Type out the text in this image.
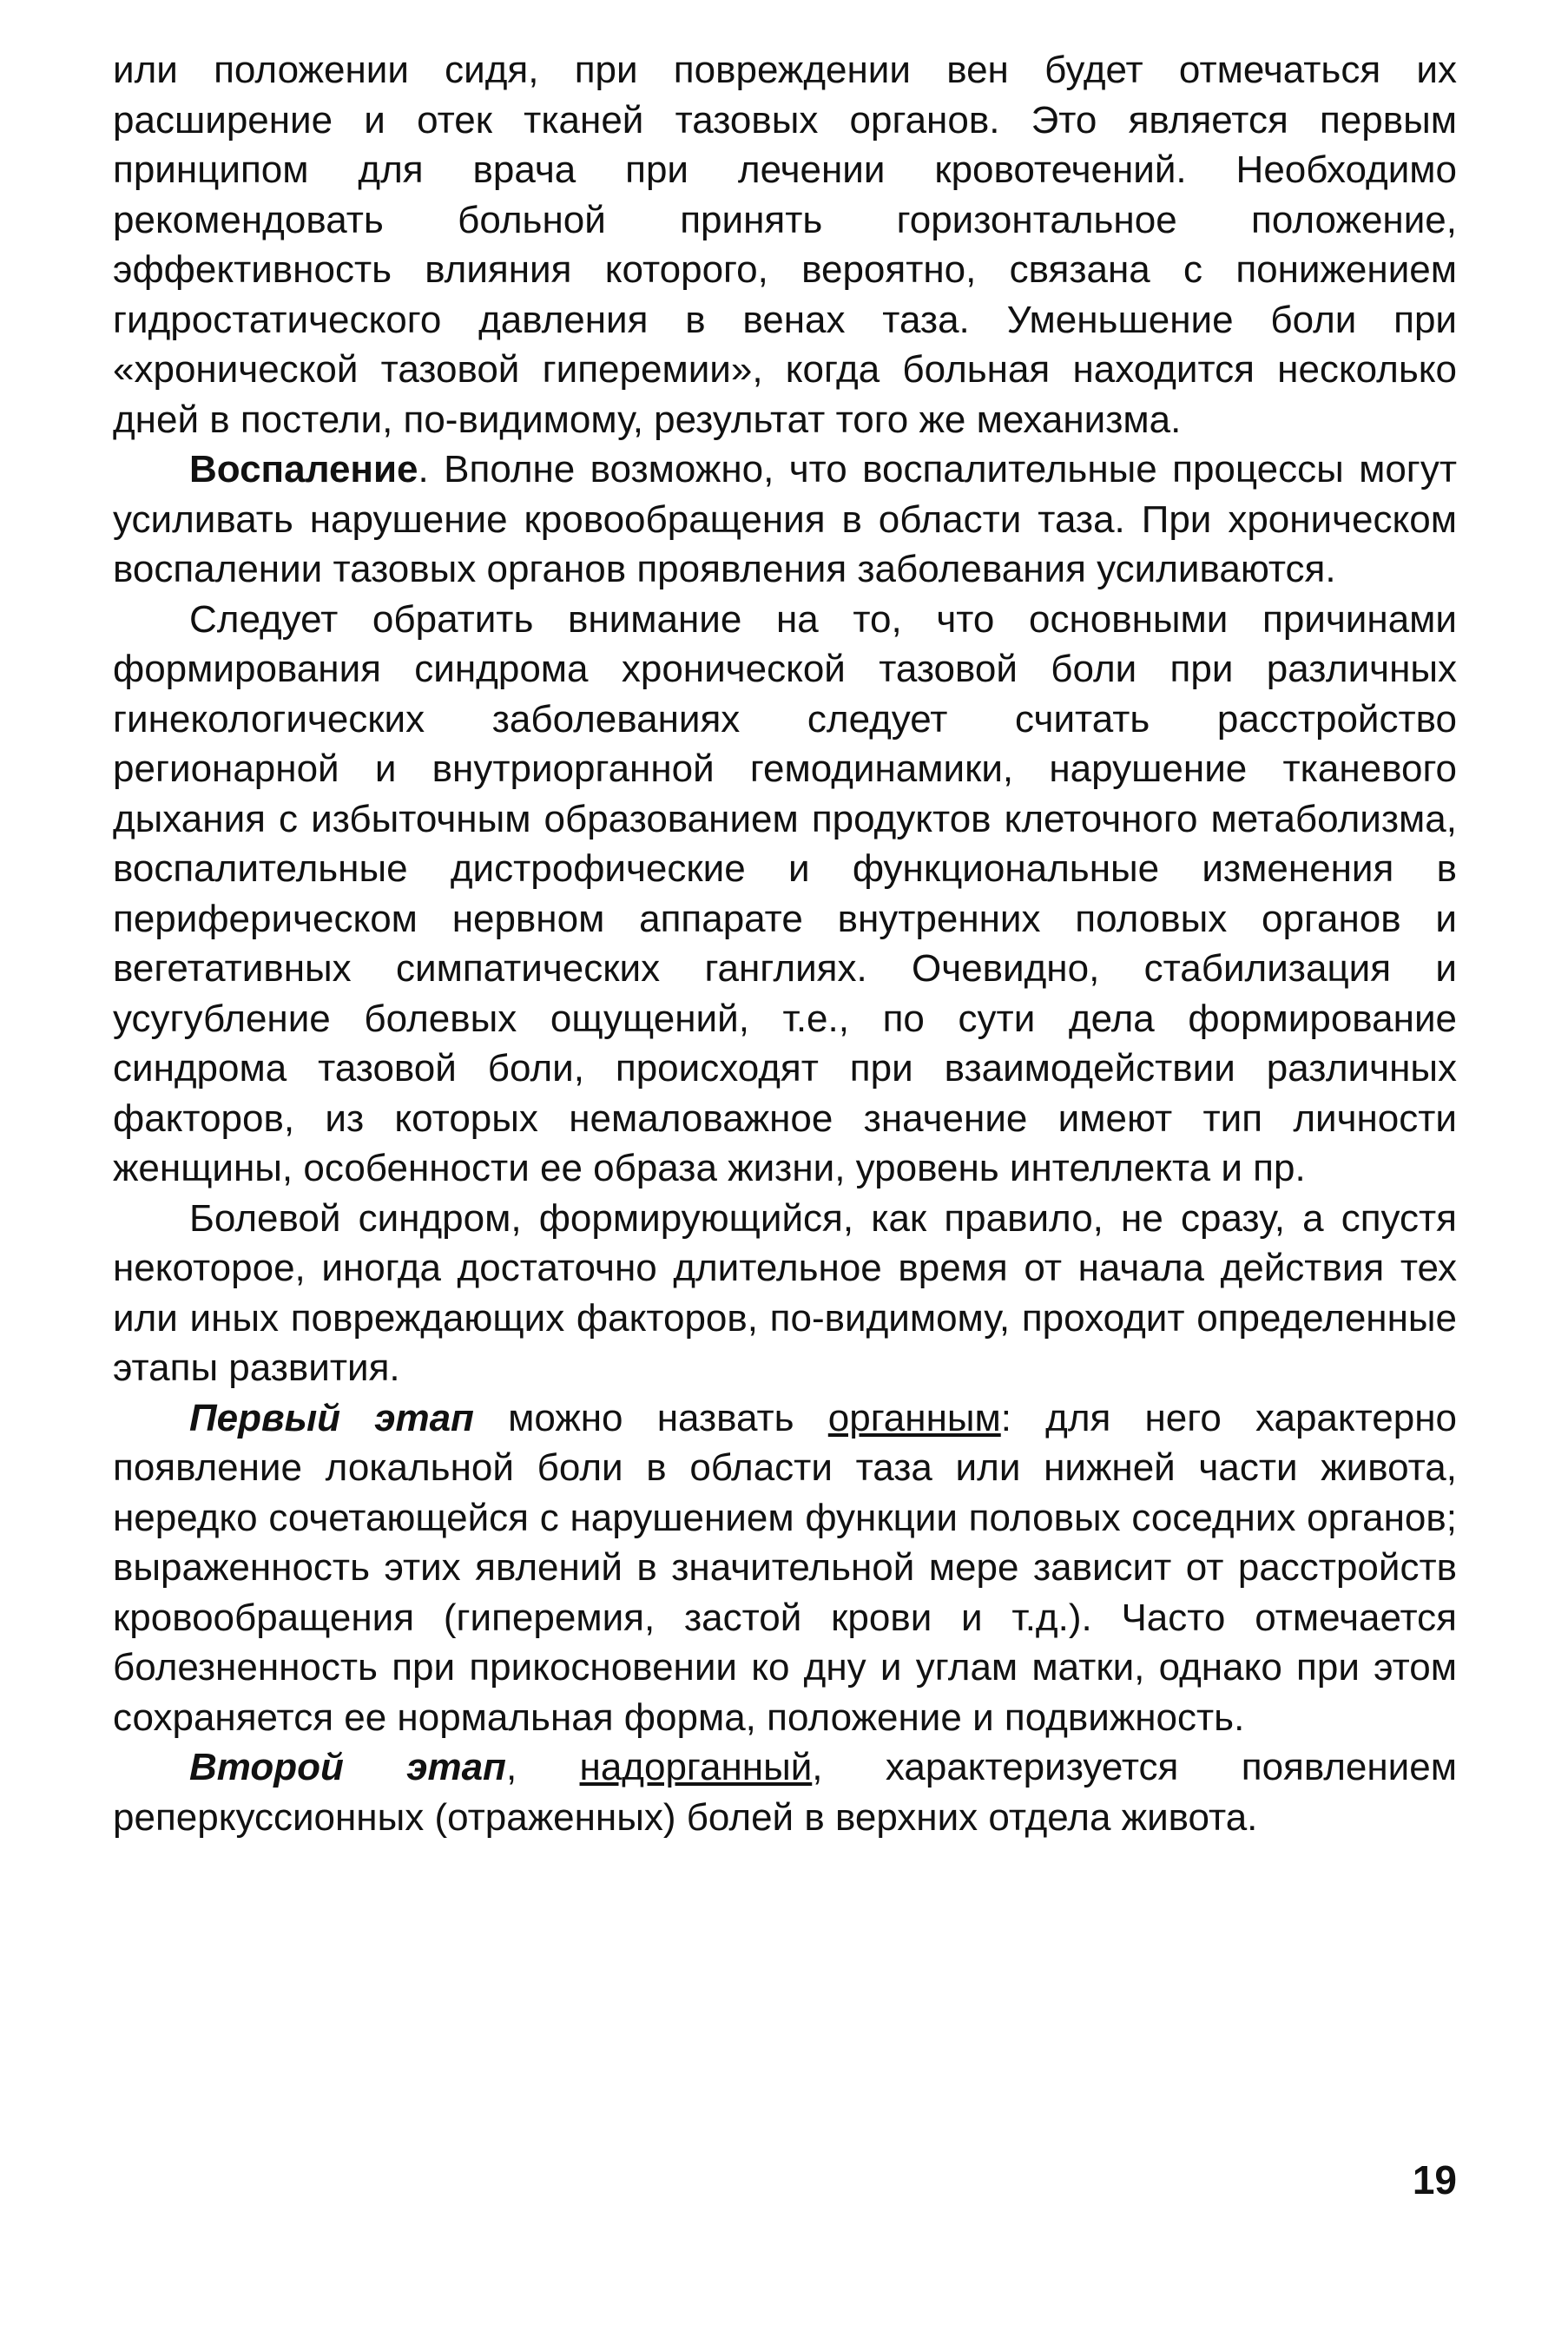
или положении сидя, при повреждении вен будет отмечаться их расширение и отек тканей тазовых органов. Это является первым принципом для врача при лечении кровотечений. Необходимо рекомендовать больной принять горизонтальное положение, эффективность влияния которого, вероятно, связана с понижением гидростатического давления в венах таза. Уменьшение боли при «хронической тазовой гиперемии», когда больная находится несколько дней в постели, по-видимому, результат того же механизма.

Воспаление. Вполне возможно, что воспалительные процессы могут усиливать нарушение кровообращения в области таза. При хроническом воспалении тазовых органов проявления заболевания усиливаются.

Следует обратить внимание на то, что основными причинами формирования синдрома хронической тазовой боли при различных гинекологических заболеваниях следует считать расстройство регионарной и внутриорганной гемодинамики, нарушение тканевого дыхания с избыточным образованием продуктов клеточного метаболизма, воспалительные дистрофические и функциональные изменения в периферическом нервном аппарате внутренних половых органов и вегетативных симпатических ганглиях. Очевидно, стабилизация и усугубление болевых ощущений, т.е., по сути дела формирование синдрома тазовой боли, происходят при взаимодействии различных факторов, из которых немаловажное значение имеют тип личности женщины, особенности ее образа жизни, уровень интеллекта и пр.

Болевой синдром, формирующийся, как правило, не сразу, а спустя некоторое, иногда достаточно длительное время от начала действия тех или иных повреждающих факторов, по-видимому, проходит определенные этапы развития.

Первый этап можно назвать органным: для него характерно появление локальной боли в области таза или нижней части живота, нередко сочетающейся с нарушением функции половых соседних органов; выраженность этих явлений в значительной мере зависит от расстройств кровообращения (гиперемия, застой крови и т.д.). Часто отмечается болезненность при прикосновении ко дну и углам матки, однако при этом сохраняется ее нормальная форма, положение и подвижность.

Второй этап, надорганный, характеризуется появлением реперкуссионных (отраженных) болей в верхних отдела живота.

19
